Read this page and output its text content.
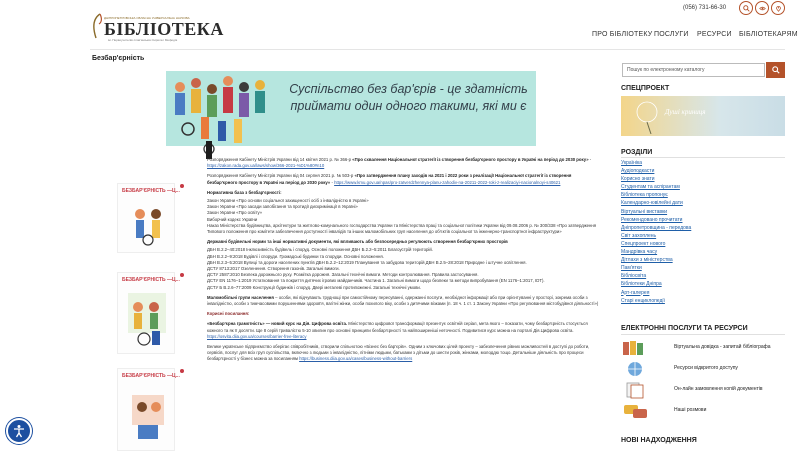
ДНІПРОПЕТРОВСЬКА ОБЛАСНА УНІВЕРСАЛЬНА НАУКОВА
БІБЛІОТЕКА
ім. Первоучителів слов'янських Кирила і Мефодія
(056) 731-66-30
ПРО БІБЛІОТЕКУ ПОСЛУГИ РЕСУРСИ БІБЛІОТЕКАРЯМ
Безбар'єрність
Суспільство без бар'єрів - це здатність приймати один одного такими, які ми є
БЕЗБАР'ЄРНІСТЬ —Ц...
БЕЗБАР'ЄРНІСТЬ —Ц...
БЕЗБАР'ЄРНІСТЬ —Ц...

Розпорядження Кабінету Міністрів України від 14 квітня 2021 р. № 366-р «Про схвалення Національної стратегії із створення безбар'єрного простору в Україні на період до 2030 року» - https://zakon.rada.gov.ua/laws/show/366-2021-%D1%80#n10

Розпорядження Кабінету Міністрів України від 04 серпня 2021 р. № 503-р «Про затвердження плану заходів на 2021 і 2022 роки з реалізації Національної стратегії із створення безбар'єрного простору в Україні на період до 2030 року» - https://www.kmu.gov.ua/npas/pro-zatverdzhennya-planu-zahodiv-na-20211-2022-roki-z-realizaciyi-nacionalnoyi-s40621

Нормативна база з безбар'єрності:

Закон України «Про основи соціальної захищеності осіб з інвалідністю в Україні»
Закон України «Про засади запобігання та протидії дискримінації в Україні»
Закон України «Про освіту»
Виборчий кодекс України
Наказ Міністерства будівництва, архітектури та житлово-комунального господарства України та Міністерства праці та соціальної політики України від 09.08.2006 р. № 300/338 «Про затвердження Типового положення про комітети забезпечення доступності інвалідів та інших маломобільних груп населення до об'єктів соціальної та інженерно-транспортної інфраструктури»

Державні будівельні норми та інші нормативні документи, які впливають або безпосередньо регулюють створення безбар'єрних просторів

ДБН В.2.2–40:2018 Інклюзивність будівель і споруд. Основні положення ДБН Б.2.2–5:2011 Благоустрій територій.
ДБН В.2.2–9:2018 Будівлі і споруди. Громадські будинки та споруди. Основні положення.
ДБН В.2.3–5:2018 Вулиці та дороги населених пунктів ДБН Б.2.2–12:2019 Планування та забудова територій ДБН В.2.5–28:2018 Природне і штучне освітлення.
ДСТУ 8713:2017 Озеленення. Створення газонів. Загальні вимоги.
ДСТУ 2587:2010 Безпека дорожнього руху. Розмітка дорожня. Загальні технічні вимоги. Методи контролювання. Правила застосування.
ДСТУ EN 1176–1:2019 Устатковання та покриття дитячих ігрових майданчиків. Частина 1. Загальні вимоги щодо безпеки та методи випробування (EN 1176–1:2017, IDT).
ДСТУ Б В.2.6–77:2009 Конструкції будинків і споруд. Двері металеві протипожежні. Загальні технічні умови.

Маломобільні групи населення – особи, які відчувають труднощі при самостійному пересуванні, одержанні послуги, необхідної інформації або при орієнтуванні у просторі, зокрема особи з інвалідністю, особи з тимчасовими порушеннями здоров'я, вагітні жінки, особи похилого віку, особи з дитячими візками (п. 18 ч. 1 ст. 1 Закону України «Про регулювання містобудівної діяльності»)

Корисні посилання:

«Безбар'єрна грамотність» — новий курс на Дія. Цифрова освіта. Міністерство цифрової трансформації презентує освітній серіал, мета якого – показати, чому безбар'єрність стосується кожного та як її досягти. Ще 8 серій тривалістю 5-10 хвилин про основні принципи безбар'єрності та найпоширеніші неточності. Подивитися курс можна на порталі Дія.Цифрова освіта. https://osvita.diia.gov.ua/courses/barrier-free-literacy

Велике українське підприємство оберігає співробітників, створили спільнотою «Бізнес без бар'єрів». Одним з ключових цілей проекту – забезпечення рівних можливостей в доступі до роботи, сервісів, послуг для всіх груп суспільства, включно з людьми з інвалідністю, літніми людьми, батьками з дітьми до шести років, жінками, молоддю тощо. Детальніше діяльність про процеси безбар'єрності у бізнес можна за посиланням https://business.diia.gov.ua/cases/business-without-barriers

Пошук по електронному каталогу
СПЕЦПРОЕКТ
Душі криниця
РОЗДІЛИ
Україніка
Аудіоподкасти
Корисно знати
Студентам та аспірантам
Бібліотека пропонує
Календарно-ювілейні дати
Віртуальні виставки
Рекомендовано прочитати
Дніпропетровщина - передова
Світ захоплень
Спецпроект нового
Мандрівка часу
Дітлахи з міністерства
Пам'ятки
Бібліосвіта
Бібліотеки Дніпра
Арт-галерея
Старі енциклопедії
ЕЛЕКТРОННІ ПОСЛУГИ ТА РЕСУРСИ
Віртуальна довідка - запитай бібліографа
Ресурси відкритого доступу
Он-лайн замовлення копій документів
Наші розмови
НОВІ НАДХОДЖЕННЯ
